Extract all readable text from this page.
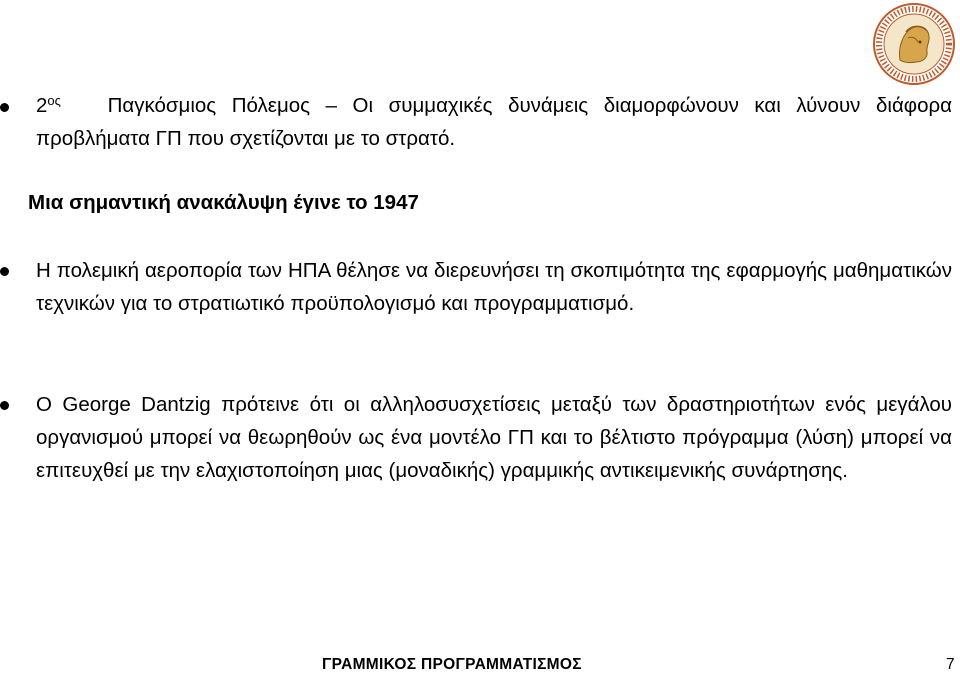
$2^{o\varsigma}$ Παγκόσμιος Πόλεμος – Οι συμμαχικές δυνάμεις διαμορφώνουν και λύνουν διάφορα προβλήματα ΓΠ που σχετίζονται με το στρατό.

Μια σημαντική ανακάλυψη έγινε το 1947

Η πολεμική αεροπορία των ΗΠΑ θέλησε να διερευνήσει τη σκοπιμότητα της εφαρμογής μαθηματικών τεχνικών για το στρατιωτικό προϋπολογισμό και προγραμματισμό.

O George Dantzig πρότεινε ότι οι αλληλοσυσχετίσεις μεταξύ των δραστηριοτήτων ενός μεγάλου οργανισμού μπορεί να θεωρηθούν ως ένα μοντέλο ΓΠ και το βέλτιστο πρόγραμμα (λύση) μπορεί να επιτευχθεί με την ελαχιστοποίηση μιας (μοναδικής) γραμμικής αντικειμενικής συνάρτησης.

ΓΡΑΜΜΙΚΟΣ ΠΡΟΓΡΑΜΜΑΤΙΣΜΟΣ	7
